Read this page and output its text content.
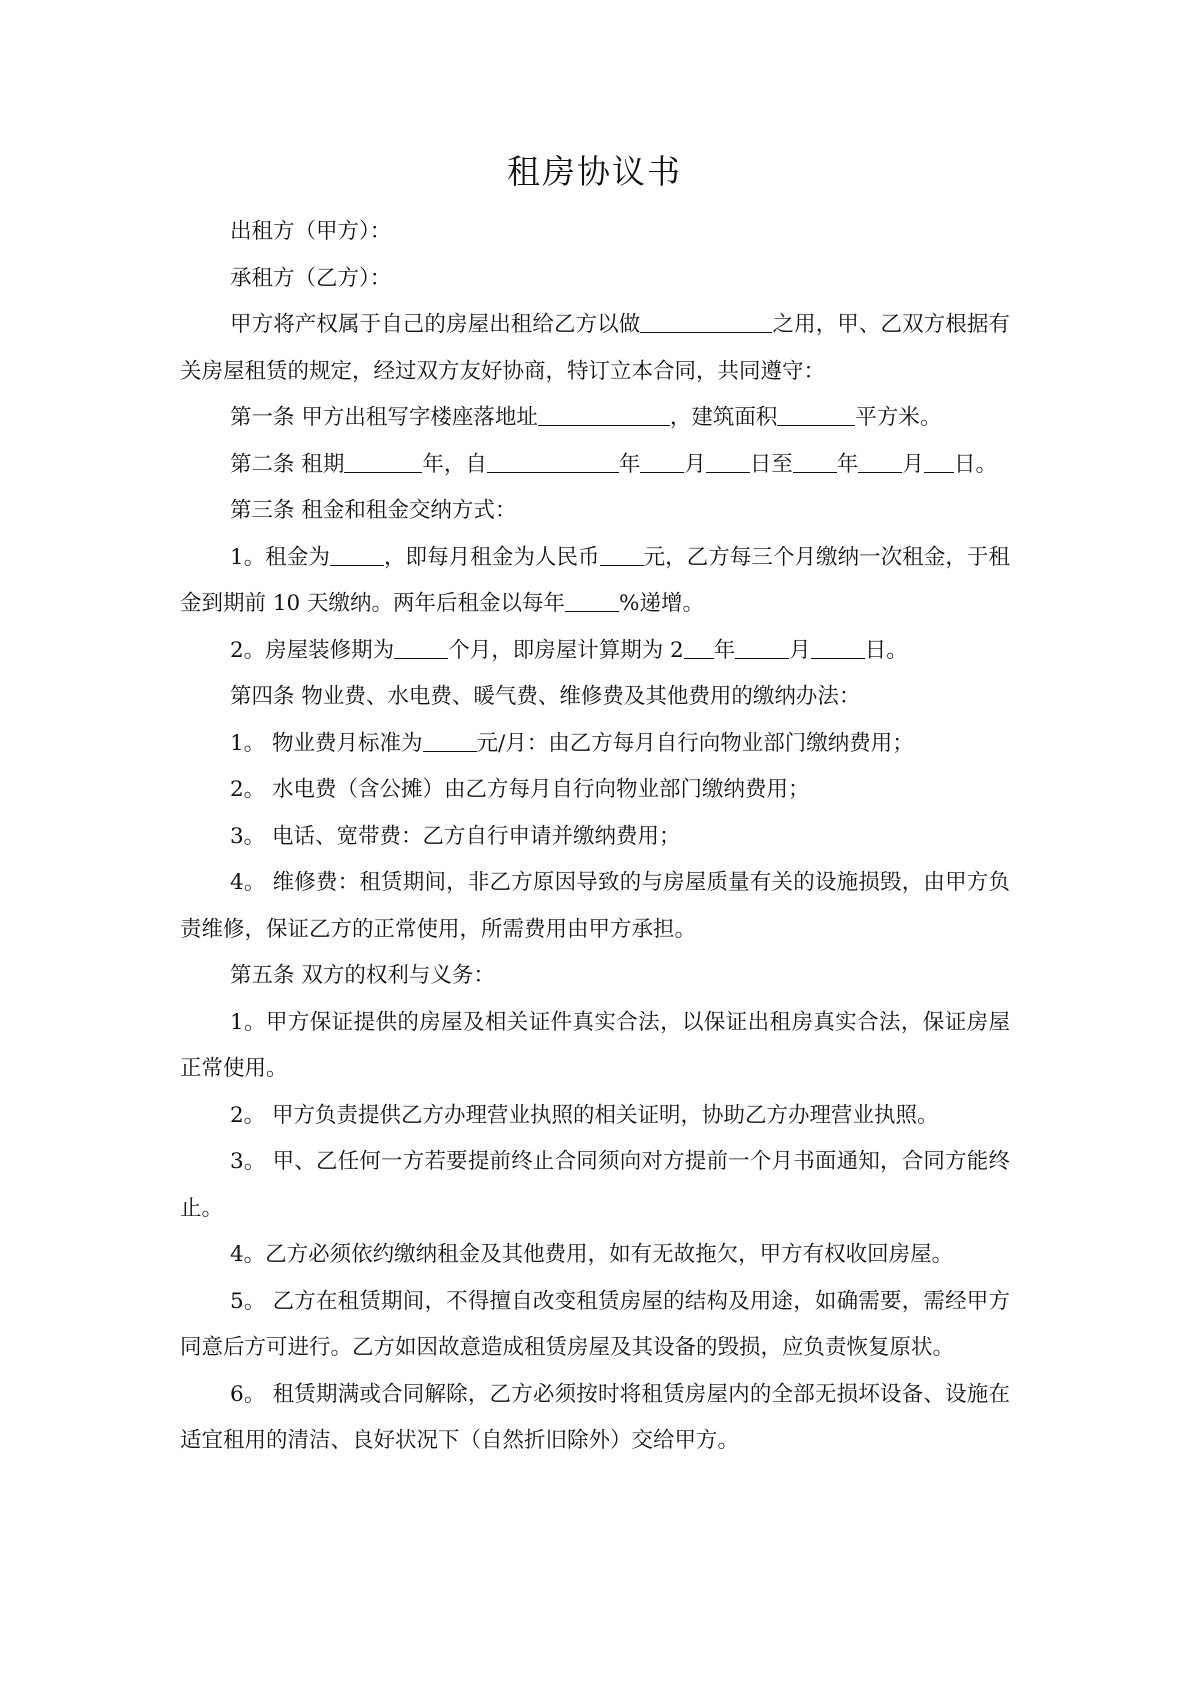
租房协议书

出租方（甲方）：

承租方（乙方）：

甲方将产权属于自己的房屋出租给乙方以做	之用，甲、乙双方根据有关房屋租赁的规定，经过双方友好协商，特订立本合同，共同遵守：

第一条 甲方出租写字楼座落地址	，建筑面积	平方米。

第二条 租期	年，自	年 月 日至 年 月 日。

第三条 租金和租金交纳方式：

1。租金为	，即每月租金为人民币 元，乙方每三个月缴纳一次租金，于租金到期前 10 天缴纳。两年后租金以每年	%递增。

2。房屋装修期为	个月，即房屋计算期为 2 年	月	日。

第四条 物业费、水电费、暖气费、维修费及其他费用的缴纳办法：

1。 物业费月标准为	元/月：由乙方每月自行向物业部门缴纳费用；

2。 水电费（含公摊）由乙方每月自行向物业部门缴纳费用；

3。 电话、宽带费：乙方自行申请并缴纳费用；

4。 维修费：租赁期间，非乙方原因导致的与房屋质量有关的设施损毁，由甲方负责维修，保证乙方的正常使用，所需费用由甲方承担。

第五条 双方的权利与义务：

1。甲方保证提供的房屋及相关证件真实合法，以保证出租房真实合法，保证房屋正常使用。

2。 甲方负责提供乙方办理营业执照的相关证明，协助乙方办理营业执照。

3。 甲、乙任何一方若要提前终止合同须向对方提前一个月书面通知，合同方能终止。

4。乙方必须依约缴纳租金及其他费用，如有无故拖欠，甲方有权收回房屋。

5。 乙方在租赁期间，不得擅自改变租赁房屋的结构及用途，如确需要，需经甲方同意后方可进行。乙方如因故意造成租赁房屋及其设备的毁损，应负责恢复原状。

6。 租赁期满或合同解除，乙方必须按时将租赁房屋内的全部无损坏设备、设施在适宜租用的清洁、良好状况下（自然折旧除外）交给甲方。
